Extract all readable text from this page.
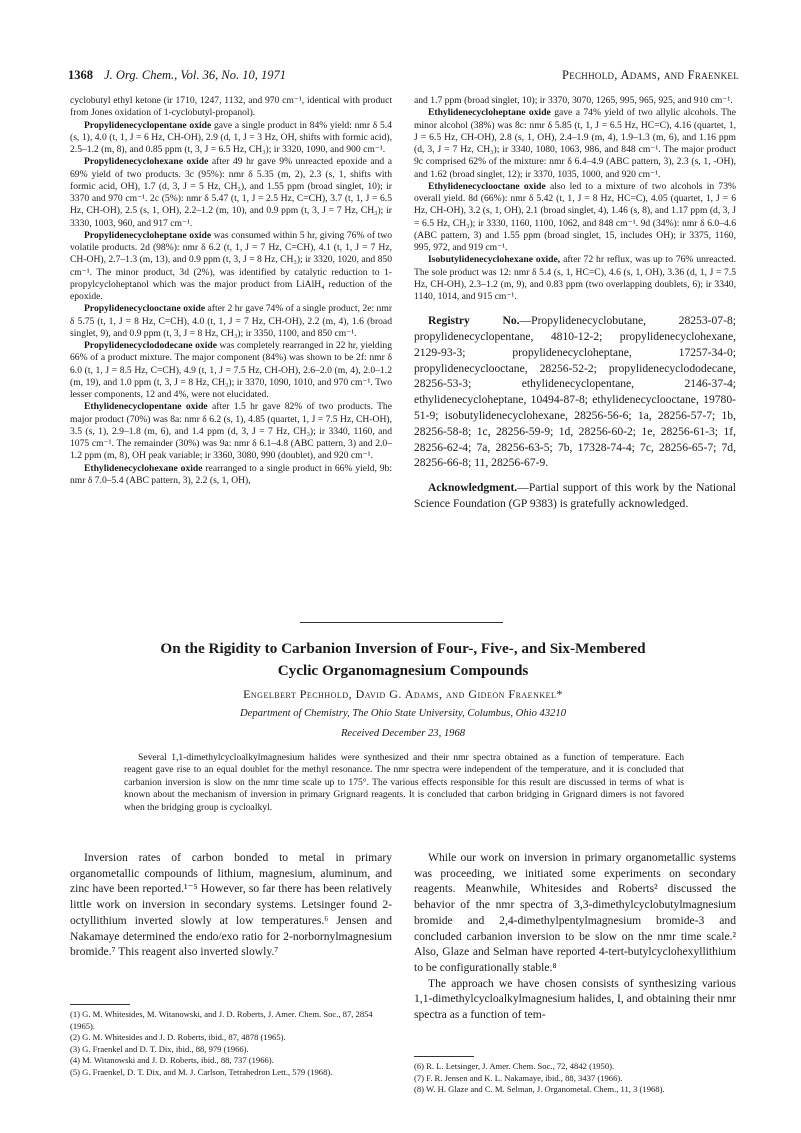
1368 J. Org. Chem., Vol. 36, No. 10, 1971	Pechhold, Adams, and Fraenkel

cyclobutyl ethyl ketone (ir 1710, 1247, 1132, and 970 cm⁻¹, identical with product from Jones oxidation of 1-cyclobutyl-propanol).

Propylidenecyclopentane oxide gave a single product in 84% yield: nmr δ 5.4 (s, 1), 4.0 (t, 1, J = 6 Hz, CH-OH), 2.9 (d, 1, J = 3 Hz, OH, shifts with formic acid), 2.5–1.2 (m, 8), and 0.85 ppm (t, 3, J = 6.5 Hz, CH₃); ir 3320, 1090, and 900 cm⁻¹.

Propylidenecyclohexane oxide after 49 hr gave 9% unreacted epoxide and a 69% yield of two products. 3c (95%): nmr δ 5.35 (m, 2), 2.3 (s, 1, shifts with formic acid, OH), 1.7 (d, 3, J = 5 Hz, CH₃), and 1.55 ppm (broad singlet, 10); ir 3370 and 970 cm⁻¹. 2c (5%): nmr δ 5.47 (t, 1, J = 2.5 Hz, C=CH), 3.7 (t, 1, J = 6.5 Hz, CH-OH), 2.5 (s, 1, OH), 2.2–1.2 (m, 10), and 0.9 ppm (t, 3, J = 7 Hz, CH₃); ir 3330, 1003, 960, and 917 cm⁻¹.

Propylidenecycloheptane oxide was consumed within 5 hr, giving 76% of two volatile products. 2d (98%): nmr δ 6.2 (t, 1, J = 7 Hz, C=CH), 4.1 (t, 1, J = 7 Hz, CH-OH), 2.7–1.3 (m, 13), and 0.9 ppm (t, 3, J = 8 Hz, CH₃); ir 3320, 1020, and 850 cm⁻¹. The minor product, 3d (2%), was identified by catalytic reduction to 1-propylcycloheptanol which was the major product from LiAlH₄ reduction of the epoxide.

Propylidenecyclooctane oxide after 2 hr gave 74% of a single product, 2e: nmr δ 5.75 (t, 1, J = 8 Hz, C=CH), 4.0 (t, 1, J = 7 Hz, CH-OH), 2.2 (m, 4), 1.6 (broad singlet, 9), and 0.9 ppm (t, 3, J = 8 Hz, CH₃); ir 3350, 1100, and 850 cm⁻¹.

Propylidenecyclododecane oxide was completely rearranged in 22 hr, yielding 66% of a product mixture. The major component (84%) was shown to be 2f: nmr δ 6.0 (t, 1, J = 8.5 Hz, C=CH), 4.9 (t, 1, J = 7.5 Hz, CH-OH), 2.6–2.0 (m, 4), 2.0–1.2 (m, 19), and 1.0 ppm (t, 3, J = 8 Hz, CH₃); ir 3370, 1090, 1010, and 970 cm⁻¹. Two lesser components, 12 and 4%, were not elucidated.

Ethylidenecyclopentane oxide after 1.5 hr gave 82% of two products. The major product (70%) was 8a: nmr δ 6.2 (s, 1), 4.85 (quartet, 1, J = 7.5 Hz, CH-OH), 3.5 (s, 1), 2.9–1.8 (m, 6), and 1.4 ppm (d, 3, J = 7 Hz, CH₃); ir 3340, 1160, and 1075 cm⁻¹. The remainder (30%) was 9a: nmr δ 6.1–4.8 (ABC pattern, 3) and 2.0–1.2 ppm (m, 8), OH peak variable; ir 3360, 3080, 990 (doublet), and 920 cm⁻¹.

Ethylidenecyclohexane oxide rearranged to a single product in 66% yield, 9b: nmr δ 7.0–5.4 (ABC pattern, 3), 2.2 (s, 1, OH),

and 1.7 ppm (broad singlet, 10); ir 3370, 3070, 1265, 995, 965, 925, and 910 cm⁻¹.

Ethylidenecycloheptane oxide gave a 74% yield of two allylic alcohols. The minor alcohol (38%) was 8c: nmr δ 5.85 (t, 1, J = 6.5 Hz, HC=C), 4.16 (quartet, 1, J = 6.5 Hz, CH-OH), 2.8 (s, 1, OH), 2.4–1.9 (m, 4), 1.9–1.3 (m, 6), and 1.16 ppm (d, 3, J = 7 Hz, CH₃); ir 3340, 1080, 1063, 986, and 848 cm⁻¹. The major product 9c comprised 62% of the mixture: nmr δ 6.4–4.9 (ABC pattern, 3), 2.3 (s, 1, -OH), and 1.62 (broad singlet, 12); ir 3370, 1035, 1000, and 920 cm⁻¹.

Ethylidenecyclooctane oxide also led to a mixture of two alcohols in 73% overall yield. 8d (66%): nmr δ 5.42 (t, 1, J = 8 Hz, HC=C), 4.05 (quartet, 1, J = 6 Hz, CH-OH), 3.2 (s, 1, OH), 2.1 (broad singlet, 4), 1.46 (s, 8), and 1.17 ppm (d, 3, J = 6.5 Hz, CH₃); ir 3330, 1160, 1100, 1062, and 848 cm⁻¹. 9d (34%): nmr δ 6.0–4.6 (ABC pattern, 3) and 1.55 ppm (broad singlet, 15, includes OH); ir 3375, 1160, 995, 972, and 919 cm⁻¹.

Isobutylidenecyclohexane oxide, after 72 hr reflux, was up to 76% unreacted. The sole product was 12: nmr δ 5.4 (s, 1, HC=C), 4.6 (s, 1, OH), 3.36 (d, 1, J = 7.5 Hz, CH-OH), 2.3–1.2 (m, 9), and 0.83 ppm (two overlapping doublets, 6); ir 3340, 1140, 1014, and 915 cm⁻¹.

Registry No.—Propylidenecyclobutane, 28253-07-8; propylidenecyclopentane, 4810-12-2; propylidenecyclohexane, 2129-93-3; propylidenecycloheptane, 17257-34-0; propylidenecyclooctane, 28256-52-2; propylidenecyclododecane, 28256-53-3; ethylidenecyclopentane, 2146-37-4; ethylidenecycloheptane, 10494-87-8; ethylidenecyclooctane, 19780-51-9; isobutylidenecyclohexane, 28256-56-6; 1a, 28256-57-7; 1b, 28256-58-8; 1c, 28256-59-9; 1d, 28256-60-2; 1e, 28256-61-3; 1f, 28256-62-4; 7a, 28256-63-5; 7b, 17328-74-4; 7c, 28256-65-7; 7d, 28256-66-8; 11, 28256-67-9.
Acknowledgment.—Partial support of this work by the National Science Foundation (GP 9383) is gratefully acknowledged.
On the Rigidity to Carbanion Inversion of Four-, Five-, and Six-Membered
Cyclic Organomagnesium Compounds
Engelbert Pechhold, David G. Adams, and Gideon Fraenkel*
Department of Chemistry, The Ohio State University, Columbus, Ohio 43210
Received December 23, 1968
Several 1,1-dimethylcycloalkylmagnesium halides were synthesized and their nmr spectra obtained as a function of temperature. Each reagent gave rise to an equal doublet for the methyl resonance. The nmr spectra were independent of the temperature, and it is concluded that carbanion inversion is slow on the nmr time scale up to 175°. The various effects responsible for this result are discussed in terms of what is known about the mechanism of inversion in primary Grignard reagents. It is concluded that carbon bridging in Grignard dimers is not favored when the bridging group is cycloalkyl.

Inversion rates of carbon bonded to metal in primary organometallic compounds of lithium, magnesium, aluminum, and zinc have been reported.¹⁻⁵ However, so far there has been relatively little work on inversion in secondary systems. Letsinger found 2-octyllithium inverted slowly at low temperatures.⁶ Jensen and Nakamaye determined the endo/exo ratio for 2-norbornylmagnesium bromide.⁷ This reagent also inverted slowly.⁷

While our work on inversion in primary organometallic systems was proceeding, we initiated some experiments on secondary reagents. Meanwhile, Whitesides and Roberts² discussed the behavior of the nmr spectra of 3,3-dimethylcyclobutylmagnesium bromide and 2,4-dimethylpentylmagnesium bromide-3 and concluded carbanion inversion to be slow on the nmr time scale.² Also, Glaze and Selman have reported 4-tert-butylcyclohexyllithium to be configurationally stable.⁸

The approach we have chosen consists of synthesizing various 1,1-dimethylcycloalkylmagnesium halides, I, and obtaining their nmr spectra as a function of tem-

(1) G. M. Whitesides, M. Witanowski, and J. D. Roberts, J. Amer. Chem. Soc., 87, 2854 (1965).
(2) G. M. Whitesides and J. D. Roberts, ibid., 87, 4878 (1965).
(3) G. Fraenkel and D. T. Dix, ibid., 88, 979 (1966).
(4) M. Witanowski and J. D. Roberts, ibid., 88, 737 (1966).
(5) G. Fraenkel, D. T. Dix, and M. J. Carlson, Tetrahedron Lett., 579 (1968).
(6) R. L. Letsinger, J. Amer. Chem. Soc., 72, 4842 (1950).
(7) F. R. Jensen and K. L. Nakamaye, ibid., 88, 3437 (1966).
(8) W. H. Glaze and C. M. Selman, J. Organometal. Chem., 11, 3 (1968).
